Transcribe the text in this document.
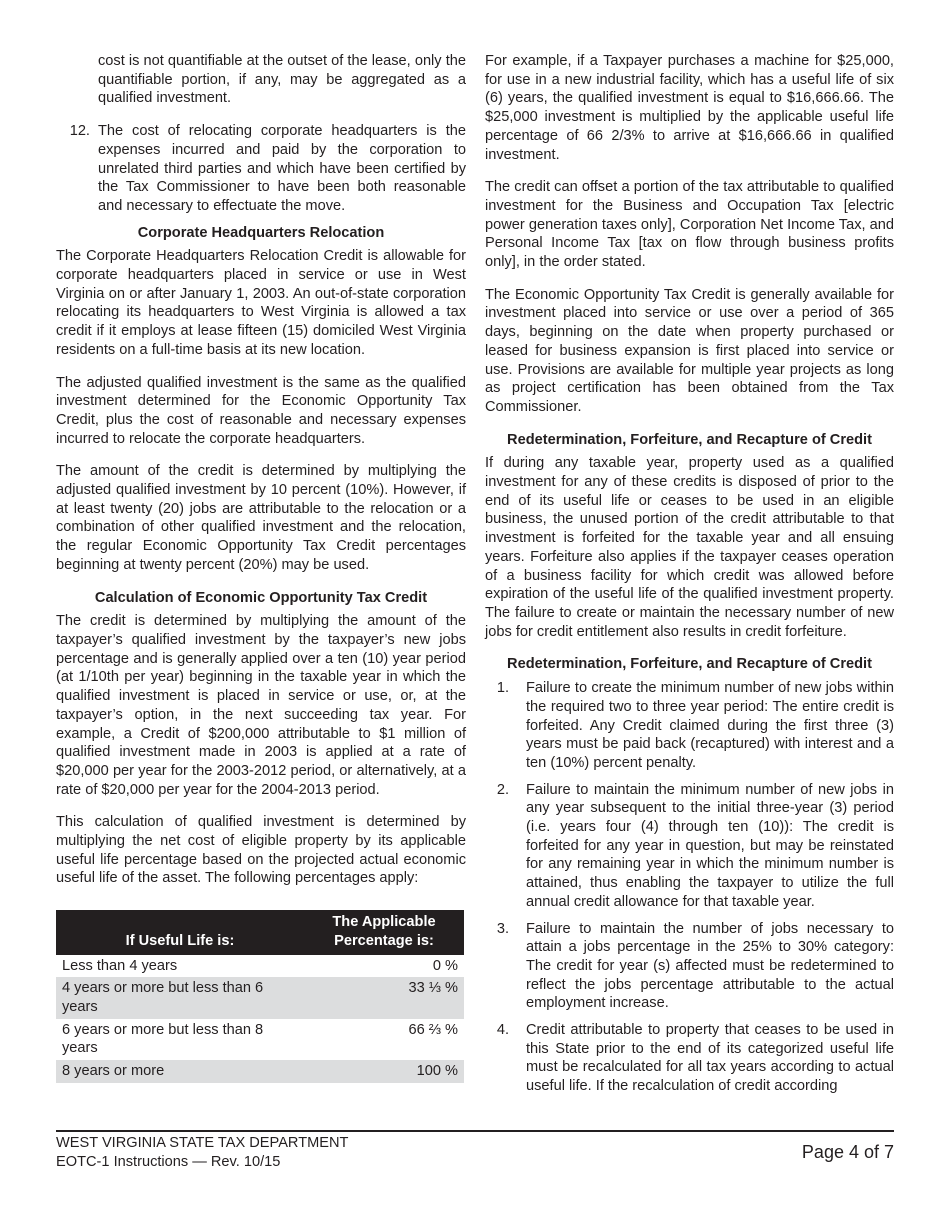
cost is not quantifiable at the outset of the lease, only the quantifiable portion, if any, may be aggregated as a qualified investment.

12. The cost of relocating corporate headquarters is the expenses incurred and paid by the corporation to unrelated third parties and which have been certified by the Tax Commissioner to have been both reasonable and necessary to effectuate the move.
Corporate Headquarters Relocation

The Corporate Headquarters Relocation Credit is allowable for corporate headquarters placed in service or use in West Virginia on or after January 1, 2003. An out-of-state corporation relocating its headquarters to West Virginia is allowed a tax credit if it employs at lease fifteen (15) domiciled West Virginia residents on a full-time basis at its new location.

The adjusted qualified investment is the same as the qualified investment determined for the Economic Opportunity Tax Credit, plus the cost of reasonable and necessary expenses incurred to relocate the corporate headquarters.

The amount of the credit is determined by multiplying the adjusted qualified investment by 10 percent (10%). However, if at least twenty (20) jobs are attributable to the relocation or a combination of other qualified investment and the relocation, the regular Economic Opportunity Tax Credit percentages beginning at twenty percent (20%) may be used.

Calculation of Economic Opportunity Tax Credit

The credit is determined by multiplying the amount of the taxpayer’s qualified investment by the taxpayer’s new jobs percentage and is generally applied over a ten (10) year period (at 1/10th per year) beginning in the taxable year in which the qualified investment is placed in service or use, or, at the taxpayer’s option, in the next succeeding tax year. For example, a Credit of $200,000 attributable to $1 million of qualified investment made in 2003 is applied at a rate of $20,000 per year for the 2003-2012 period, or alternatively, at a rate of $20,000 per year for the 2004-2013 period.

This calculation of qualified investment is determined by multiplying the net cost of eligible property by its applicable useful life percentage based on the projected actual economic useful life of the asset. The following percentages apply:

If Useful Life is:	The Applicable Percentage is:
Less than 4 years	0 %
4 years or more but less than 6 years	33 ⅓ %
6 years or more but less than 8 years	66 ⅔ %
8 years or more	100 %

For example, if a Taxpayer purchases a machine for $25,000, for use in a new industrial facility, which has a useful life of six (6) years, the qualified investment is equal to $16,666.66. The $25,000 investment is multiplied by the applicable useful life percentage of 66 2/3% to arrive at $16,666.66 in qualified investment.

The credit can offset a portion of the tax attributable to qualified investment for the Business and Occupation Tax [electric power generation taxes only], Corporation Net Income Tax, and Personal Income Tax [tax on flow through business profits only], in the order stated.

The Economic Opportunity Tax Credit is generally available for investment placed into service or use over a period of 365 days, beginning on the date when property purchased or leased for business expansion is first placed into service or use. Provisions are available for multiple year projects as long as project certification has been obtained from the Tax Commissioner.

Redetermination, Forfeiture, and Recapture of Credit

If during any taxable year, property used as a qualified investment for any of these credits is disposed of prior to the end of its useful life or ceases to be used in an eligible business, the unused portion of the credit attributable to that investment is forfeited for the taxable year and all ensuing years. Forfeiture also applies if the taxpayer ceases operation of a business facility for which credit was allowed before expiration of the useful life of the qualified investment property. The failure to create or maintain the necessary number of new jobs for credit entitlement also results in credit forfeiture.

Redetermination, Forfeiture, and Recapture of Credit
1. Failure to create the minimum number of new jobs within the required two to three year period: The entire credit is forfeited. Any Credit claimed during the first three (3) years must be paid back (recaptured) with interest and a ten (10%) percent penalty.
2. Failure to maintain the minimum number of new jobs in any year subsequent to the initial three-year (3) period (i.e. years four (4) through ten (10)): The credit is forfeited for any year in question, but may be reinstated for any remaining year in which the minimum number is attained, thus enabling the taxpayer to utilize the full annual credit allowance for that taxable year.
3. Failure to maintain the number of jobs necessary to attain a jobs percentage in the 25% to 30% category: The credit for year (s) affected must be redetermined to reflect the jobs percentage attributable to the actual employment increase.
4. Credit attributable to property that ceases to be used in this State prior to the end of its categorized useful life must be recalculated for all tax years according to actual useful life. If the recalculation of credit according
WEST VIRGINIA STATE TAX DEPARTMENT
EOTC-1 Instructions — Rev. 10/15	Page 4 of 7
